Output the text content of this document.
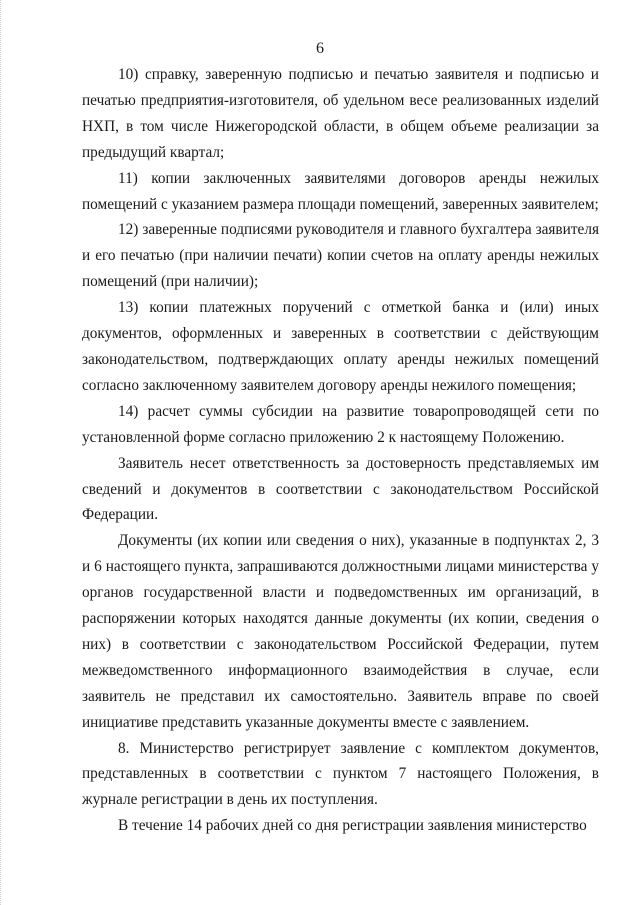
6

10) справку, заверенную подписью и печатью заявителя и подписью и печатью предприятия-изготовителя, об удельном весе реализованных изделий НХП, в том числе Нижегородской области, в общем объеме реализации за предыдущий квартал;

11) копии заключенных заявителями договоров аренды нежилых помещений с указанием размера площади помещений, заверенных заявителем;

12) заверенные подписями руководителя и главного бухгалтера заявителя и его печатью (при наличии печати) копии счетов на оплату аренды нежилых помещений (при наличии);

13) копии платежных поручений с отметкой банка и (или) иных документов, оформленных и заверенных в соответствии с действующим законодательством, подтверждающих оплату аренды нежилых помещений согласно заключенному заявителем договору аренды нежилого помещения;

14) расчет суммы субсидии на развитие товаропроводящей сети по установленной форме согласно приложению 2 к настоящему Положению.

Заявитель несет ответственность за достоверность представляемых им сведений и документов в соответствии с законодательством Российской Федерации.

Документы (их копии или сведения о них), указанные в подпунктах 2, 3 и 6 настоящего пункта, запрашиваются должностными лицами министерства у органов государственной власти и подведомственных им организаций, в распоряжении которых находятся данные документы (их копии, сведения о них) в соответствии с законодательством Российской Федерации, путем межведомственного информационного взаимодействия в случае, если заявитель не представил их самостоятельно. Заявитель вправе по своей инициативе представить указанные документы вместе с заявлением.

8. Министерство регистрирует заявление с комплектом документов, представленных в соответствии с пунктом 7 настоящего Положения, в журнале регистрации в день их поступления.

В течение 14 рабочих дней со дня регистрации заявления министерство
